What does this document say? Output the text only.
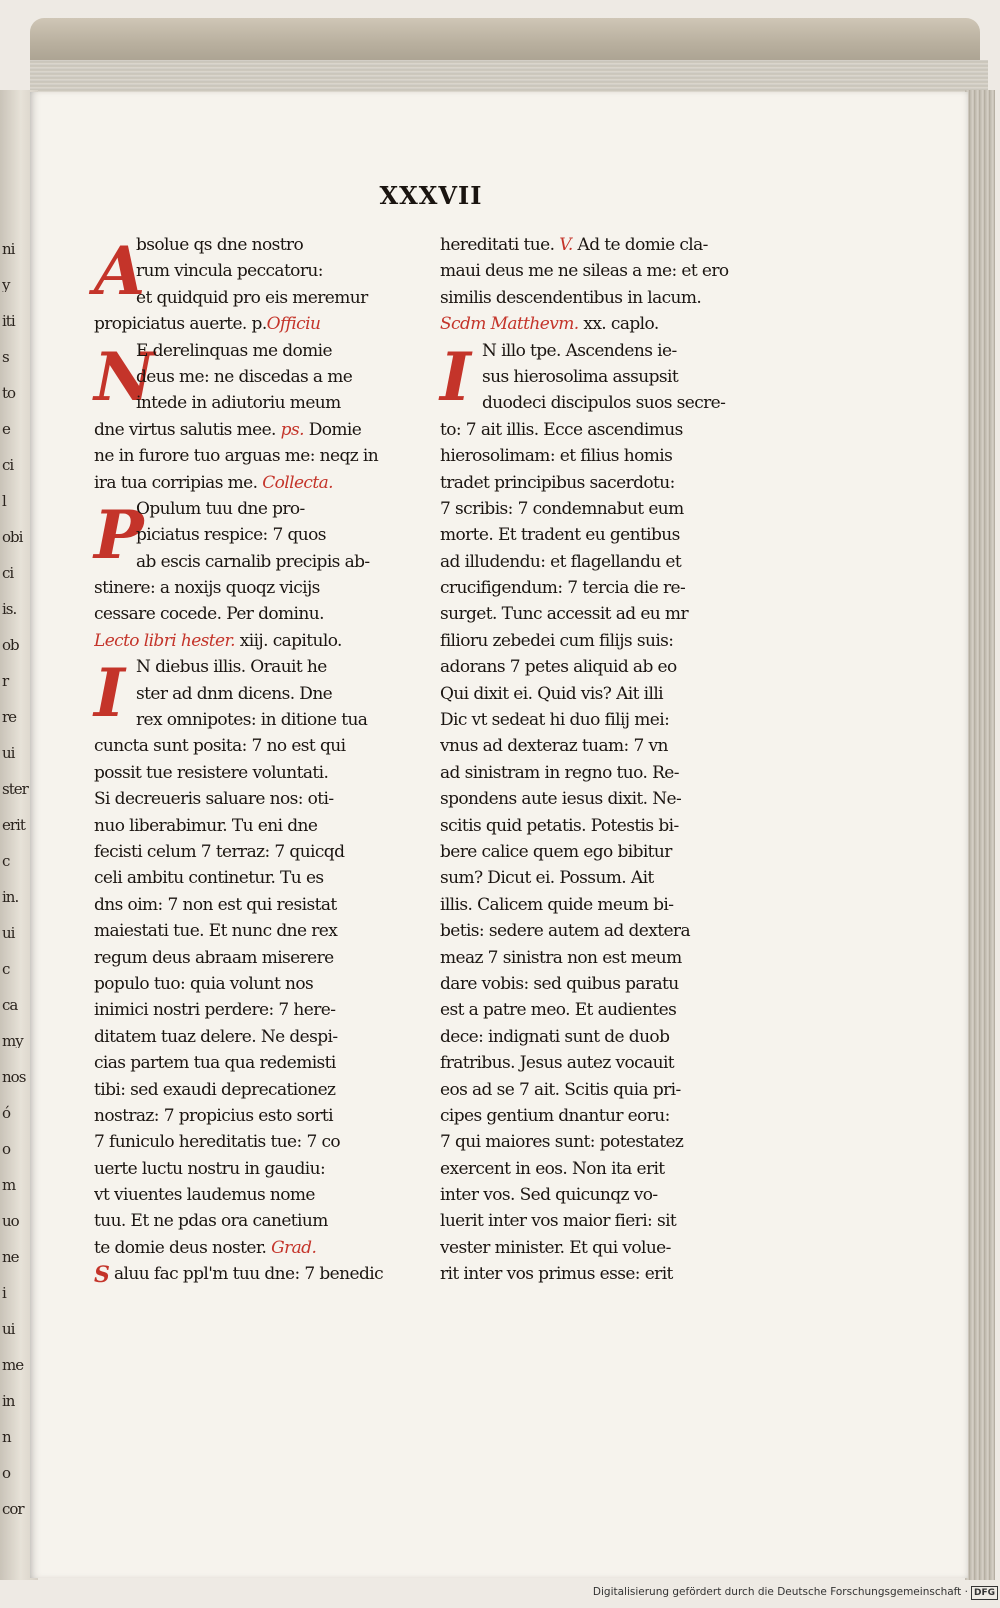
ni
y
iti
s
to
e
ci
l
obi
ci
is.
ob
r
re
ui
ster
erit
c
in.
ui
c
ca
my
nos
ó
o
m
uo
ne
i
ui
me
in
n
o
cor
XXXVII
A
bsolue qs dne nostro
rum vincula peccatoru:
et quidquid pro eis meremur
propiciatus auerte. p.Officiu
N
E derelinquas me domie
deus me: ne discedas a me
intede in adiutoriu meum
dne virtus salutis mee. ps. Domie
ne in furore tuo arguas me: neqz in
ira tua corripias me. Collecta.
P
Opulum tuu dne pro-
piciatus respice: 7 quos
ab escis carnalib precipis ab-
stinere: a noxijs quoqz vicijs
cessare cocede. Per dominu.
Lecto libri hester. xiij. capitulo.
I N diebus illis. Orauit he
ster ad dnm dicens. Dne
rex omnipotes: in ditione tua
cuncta sunt posita: 7 no est qui
possit tue resistere voluntati.
Si decreueris saluare nos: oti-
nuo liberabimur. Tu eni dne
fecisti celum 7 terraz: 7 quicqd
celi ambitu continetur. Tu es
dns oim: 7 non est qui resistat
maiestati tue. Et nunc dne rex
regum deus abraam miserere
populo tuo: quia volunt nos
inimici nostri perdere: 7 here-
ditatem tuaz delere. Ne despi-
cias partem tua qua redemisti
tibi: sed exaudi deprecationez
nostraz: 7 propicius esto sorti
7 funiculo hereditatis tue: 7 co
uerte luctu nostru in gaudiu:
vt viuentes laudemus nome
tuu. Et ne pdas ora canetium
te domie deus noster. Grad.
S aluu fac ppl'm tuu dne: 7 benedic
hereditati tue. V. Ad te domie cla-
maui deus me ne sileas a me: et ero
similis descendentibus in lacum.
Scdm Matthevm. xx. caplo.
I N illo tpe. Ascendens ie-
sus hierosolima assupsit
duodeci discipulos suos secre-
to: 7 ait illis. Ecce ascendimus
hierosolimam: et filius homis
tradet principibus sacerdotu:
7 scribis: 7 condemnabut eum
morte. Et tradent eu gentibus
ad illudendu: et flagellandu et
crucifigendum: 7 tercia die re-
surget. Tunc accessit ad eu mr
filioru zebedei cum filijs suis:
adorans 7 petes aliquid ab eo
Qui dixit ei. Quid vis? Ait illi
Dic vt sedeat hi duo filij mei:
vnus ad dexteraz tuam: 7 vn
ad sinistram in regno tuo. Re-
spondens aute iesus dixit. Ne-
scitis quid petatis. Potestis bi-
bere calice quem ego bibitur
sum? Dicut ei. Possum. Ait
illis. Calicem quide meum bi-
betis: sedere autem ad dextera
meaz 7 sinistra non est meum
dare vobis: sed quibus paratu
est a patre meo. Et audientes
dece: indignati sunt de duob
fratribus. Jesus autez vocauit
eos ad se 7 ait. Scitis quia pri-
cipes gentium dnantur eoru:
7 qui maiores sunt: potestatez
exercent in eos. Non ita erit
inter vos. Sed quicunqz vo-
luerit inter vos maior fieri: sit
vester minister. Et qui volue-
rit inter vos primus esse: erit
Digitalisierung gefördert durch die Deutsche Forschungsgemeinschaft · DFG
